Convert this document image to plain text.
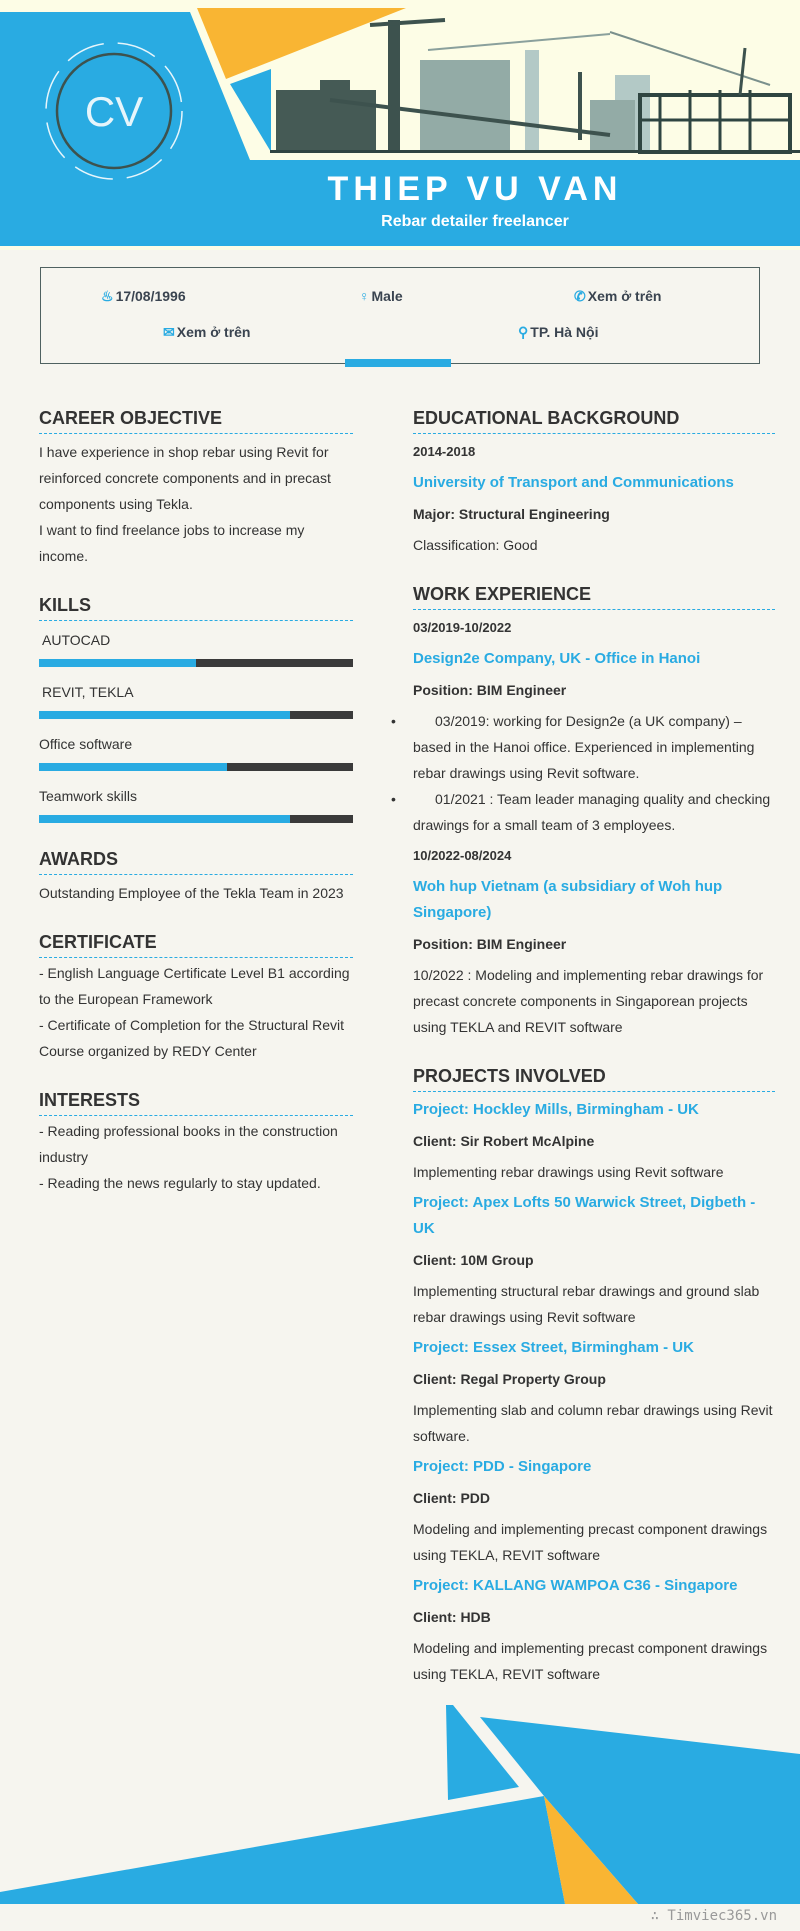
CV
THIEP VU VAN
Rebar detailer freelancer
♨ 17/08/1996	♀ Male	✆ Xem ở trên
✉ Xem ở trên	⚲ TP. Hà Nội
CAREER OBJECTIVE
I have experience in shop rebar using Revit for reinforced concrete components and in precast components using Tekla.
I want to find freelance jobs to increase my income.
KILLS
AUTOCAD
REVIT, TEKLA
Office software
Teamwork skills
AWARDS
Outstanding Employee of the Tekla Team in 2023
CERTIFICATE
- English Language Certificate Level B1 according to the European Framework
- Certificate of Completion for the Structural Revit Course organized by REDY Center
INTERESTS
- Reading professional books in the construction industry
- Reading the news regularly to stay updated.
EDUCATIONAL BACKGROUND
2014-2018
University of Transport and Communications
Major: Structural Engineering
Classification: Good
WORK EXPERIENCE
03/2019-10/2022
Design2e Company, UK - Office in Hanoi
Position: BIM Engineer
• 03/2019: working for Design2e (a UK company) – based in the Hanoi office. Experienced in implementing rebar drawings using Revit software.
• 01/2021 : Team leader managing quality and checking drawings for a small team of 3 employees.
10/2022-08/2024
Woh hup Vietnam (a subsidiary of Woh hup Singapore)
Position: BIM Engineer
10/2022 : Modeling and implementing rebar drawings for precast concrete components in Singaporean projects using TEKLA and REVIT software
PROJECTS INVOLVED
Project: Hockley Mills, Birmingham - UK
Client: Sir Robert McAlpine
Implementing rebar drawings using Revit software
Project: Apex Lofts 50 Warwick Street, Digbeth - UK
Client: 10M Group
Implementing structural rebar drawings and ground slab rebar drawings using Revit software
Project: Essex Street, Birmingham - UK
Client: Regal Property Group
Implementing slab and column rebar drawings using Revit software.
Project: PDD - Singapore
Client: PDD
Modeling and implementing precast component drawings using TEKLA, REVIT software
Project: KALLANG WAMPOA C36 - Singapore
Client: HDB
Modeling and implementing precast component drawings using TEKLA, REVIT software
∴ Timviec365.vn
